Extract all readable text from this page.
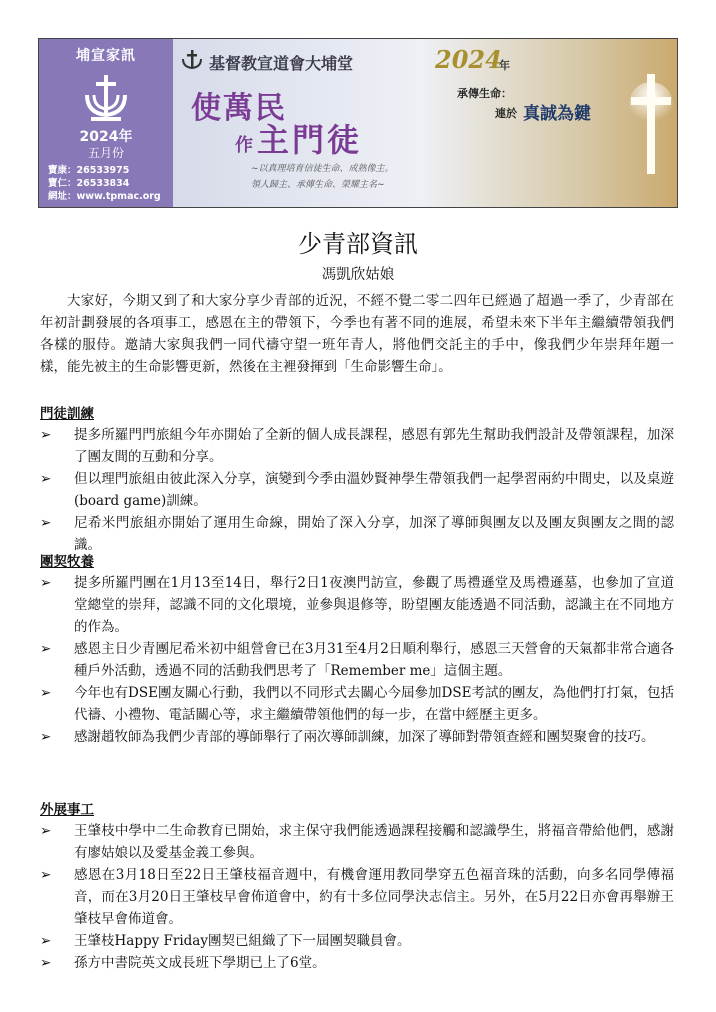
埔宣家訊
2024年
五月份
寶康：26533975
寶仁：26533834
網址：www.tpmac.org
基督教宣道會大埔堂	2024
年
承傳生命：
連於 真誠為鍵
使萬民
作 主門徒
~以真理培育信徒生命、成熟像主。
領人歸主、承傳生命、榮耀主名~
少青部資訊
馮凱欣姑娘

大家好，今期又到了和大家分享少青部的近況，不經不覺二零二四年已經過了超過一季了，少青部在年初計劃發展的各項事工，感恩在主的帶領下，今季也有著不同的進展，希望未來下半年主繼續帶領我們各樣的服侍。邀請大家與我們一同代禱守望一班年青人，將他們交託主的手中，像我們少年崇拜年題一樣，能先被主的生命影響更新，然後在主裡發揮到「生命影響生命」。

門徒訓練
➢ 提多所羅門門旅組今年亦開始了全新的個人成長課程，感恩有郭先生幫助我們設計及帶領課程，加深了團友間的互動和分享。
➢ 但以理門旅組由彼此深入分享，演變到今季由溫妙賢神學生帶領我們一起學習兩約中間史，以及桌遊(board game)訓練。
➢ 尼希米門旅組亦開始了運用生命線，開始了深入分享，加深了導師與團友以及團友與團友之間的認識。
團契牧養
➢ 提多所羅門團在1月13至14日，舉行2日1夜澳門訪宣，參觀了馬禮遜堂及馬禮遜墓，也參加了宣道堂總堂的崇拜，認識不同的文化環境，並參與退修等，盼望團友能透過不同活動，認識主在不同地方的作為。
➢ 感恩主日少青團尼希米初中組營會已在3月31至4月2日順利舉行，感恩三天營會的天氣都非常合適各種戶外活動，透過不同的活動我們思考了「Remember me」這個主題。
➢ 今年也有DSE團友關心行動，我們以不同形式去關心今屆參加DSE考試的團友，為他們打打氣，包括代禱、小禮物、電話關心等，求主繼續帶領他們的每一步，在當中經歷主更多。
➢ 感謝趙牧師為我們少青部的導師舉行了兩次導師訓練，加深了導師對帶領查經和團契聚會的技巧。
外展事工
➢ 王肇枝中學中二生命教育已開始，求主保守我們能透過課程接觸和認識學生，將福音帶給他們，感謝有廖姑娘以及愛基金義工參與。
➢ 感恩在3月18日至22日王肇枝福音週中，有機會運用教同學穿五色福音珠的活動，向多名同學傳福音，而在3月20日王肇枝早會佈道會中，約有十多位同學決志信主。另外，在5月22日亦會再舉辦王肇枝早會佈道會。
➢ 王肇枝Happy Friday團契已組織了下一屆團契職員會。
➢ 孫方中書院英文成長班下學期已上了6堂。
